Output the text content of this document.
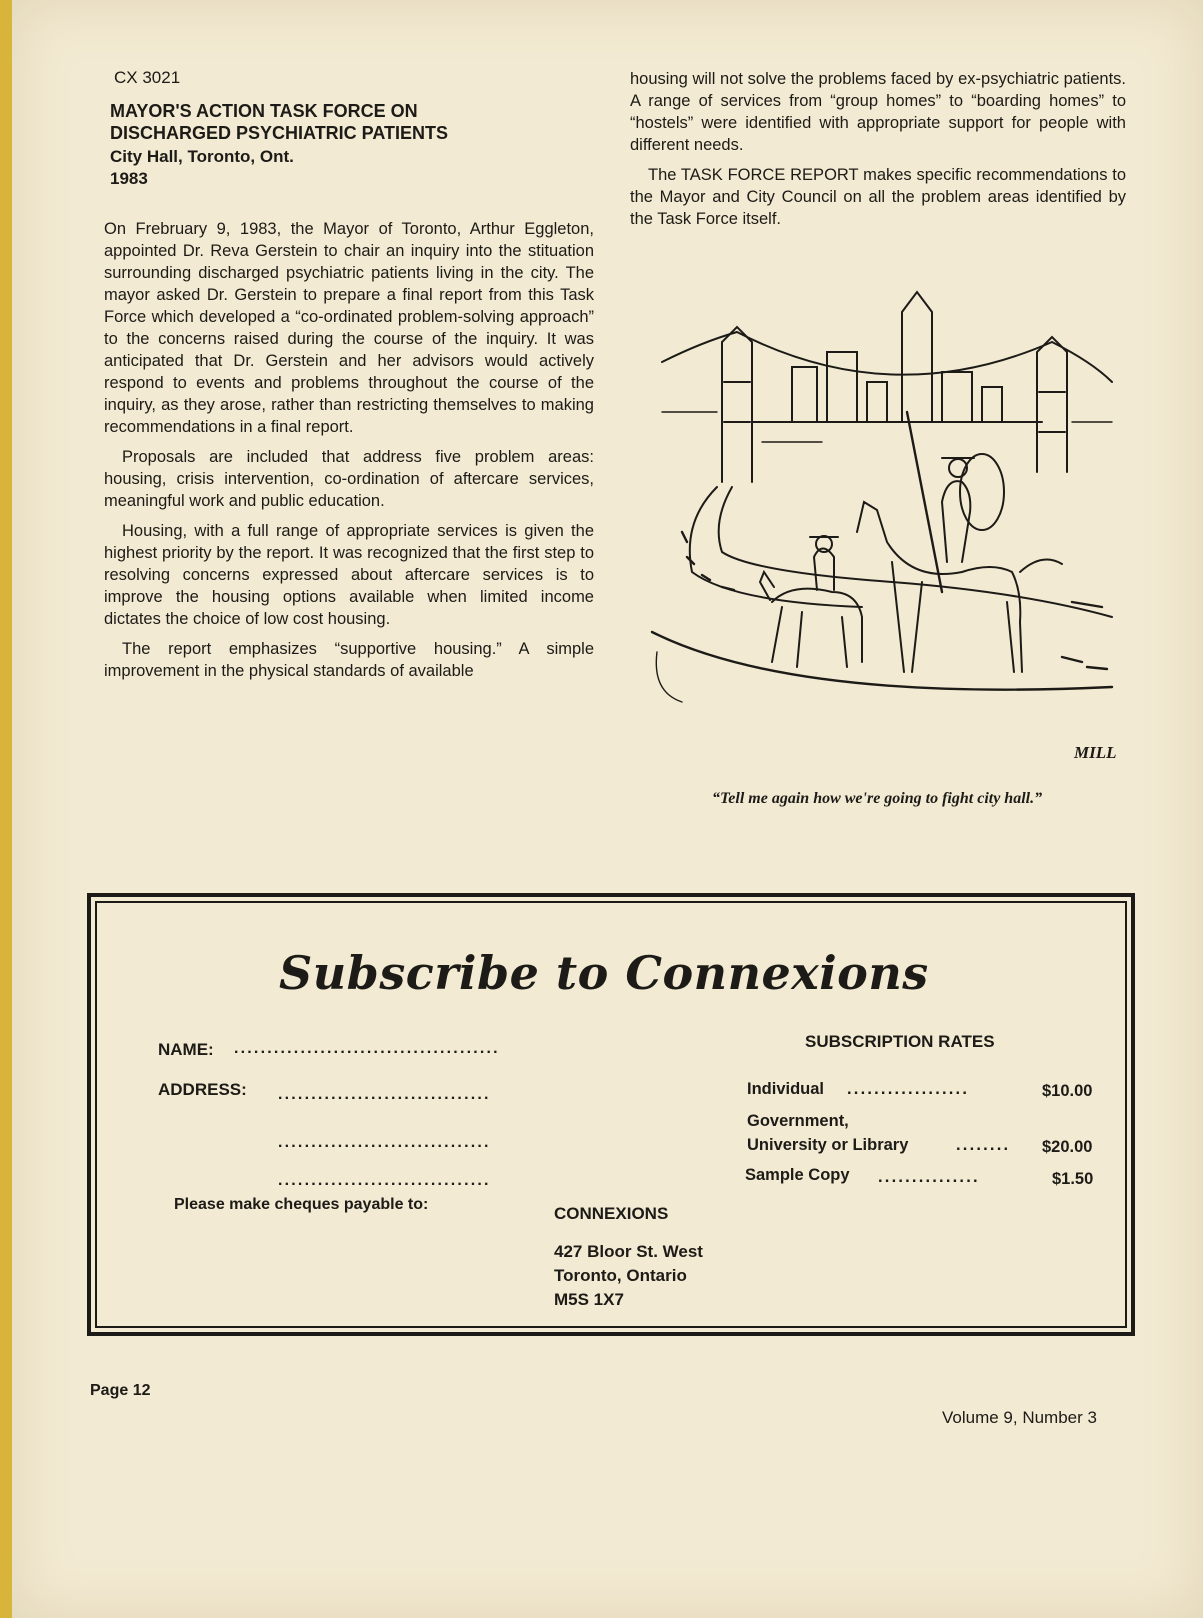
CX 3021
MAYOR'S ACTION TASK FORCE ON
DISCHARGED PSYCHIATRIC PATIENTS
City Hall, Toronto, Ont.
1983

On Frebruary 9, 1983, the Mayor of Toronto, Arthur Eggleton, appointed Dr. Reva Gerstein to chair an inquiry into the stituation surrounding discharged psychiatric patients living in the city. The mayor asked Dr. Gerstein to prepare a final report from this Task Force which developed a “co-ordinated problem-solving approach” to the concerns raised during the course of the inquiry. It was anticipated that Dr. Gerstein and her advisors would actively respond to events and problems throughout the course of the inquiry, as they arose, rather than restricting themselves to making recommendations in a final report.

Proposals are included that address five problem areas: housing, crisis intervention, co-ordination of aftercare services, meaningful work and public education.

Housing, with a full range of appropriate services is given the highest priority by the report. It was recognized that the first step to resolving concerns expressed about aftercare services is to improve the housing options available when limited income dictates the choice of low cost housing.

The report emphasizes “supportive housing.” A simple improvement in the physical standards of available

housing will not solve the problems faced by ex-psychiatric patients. A range of services from “group homes” to “boarding homes” to “hostels” were identified with appropriate support for people with different needs.

The TASK FORCE REPORT makes specific recommendations to the Mayor and City Council on all the problem areas identified by the Task Force itself.

MILL
“Tell me again how we're going to fight city hall.”
Subscribe to Connexions
NAME: ........................................
ADDRESS: ................................
................................
................................
SUBSCRIPTION RATES
Individual ..................	$10.00
Government,
University or Library	........ $20.00
Sample Copy ...............	$1.50
Please make cheques payable to:	CONNEXIONS
427 Bloor St. West
Toronto, Ontario
M5S 1X7
Page 12
Volume 9, Number 3
